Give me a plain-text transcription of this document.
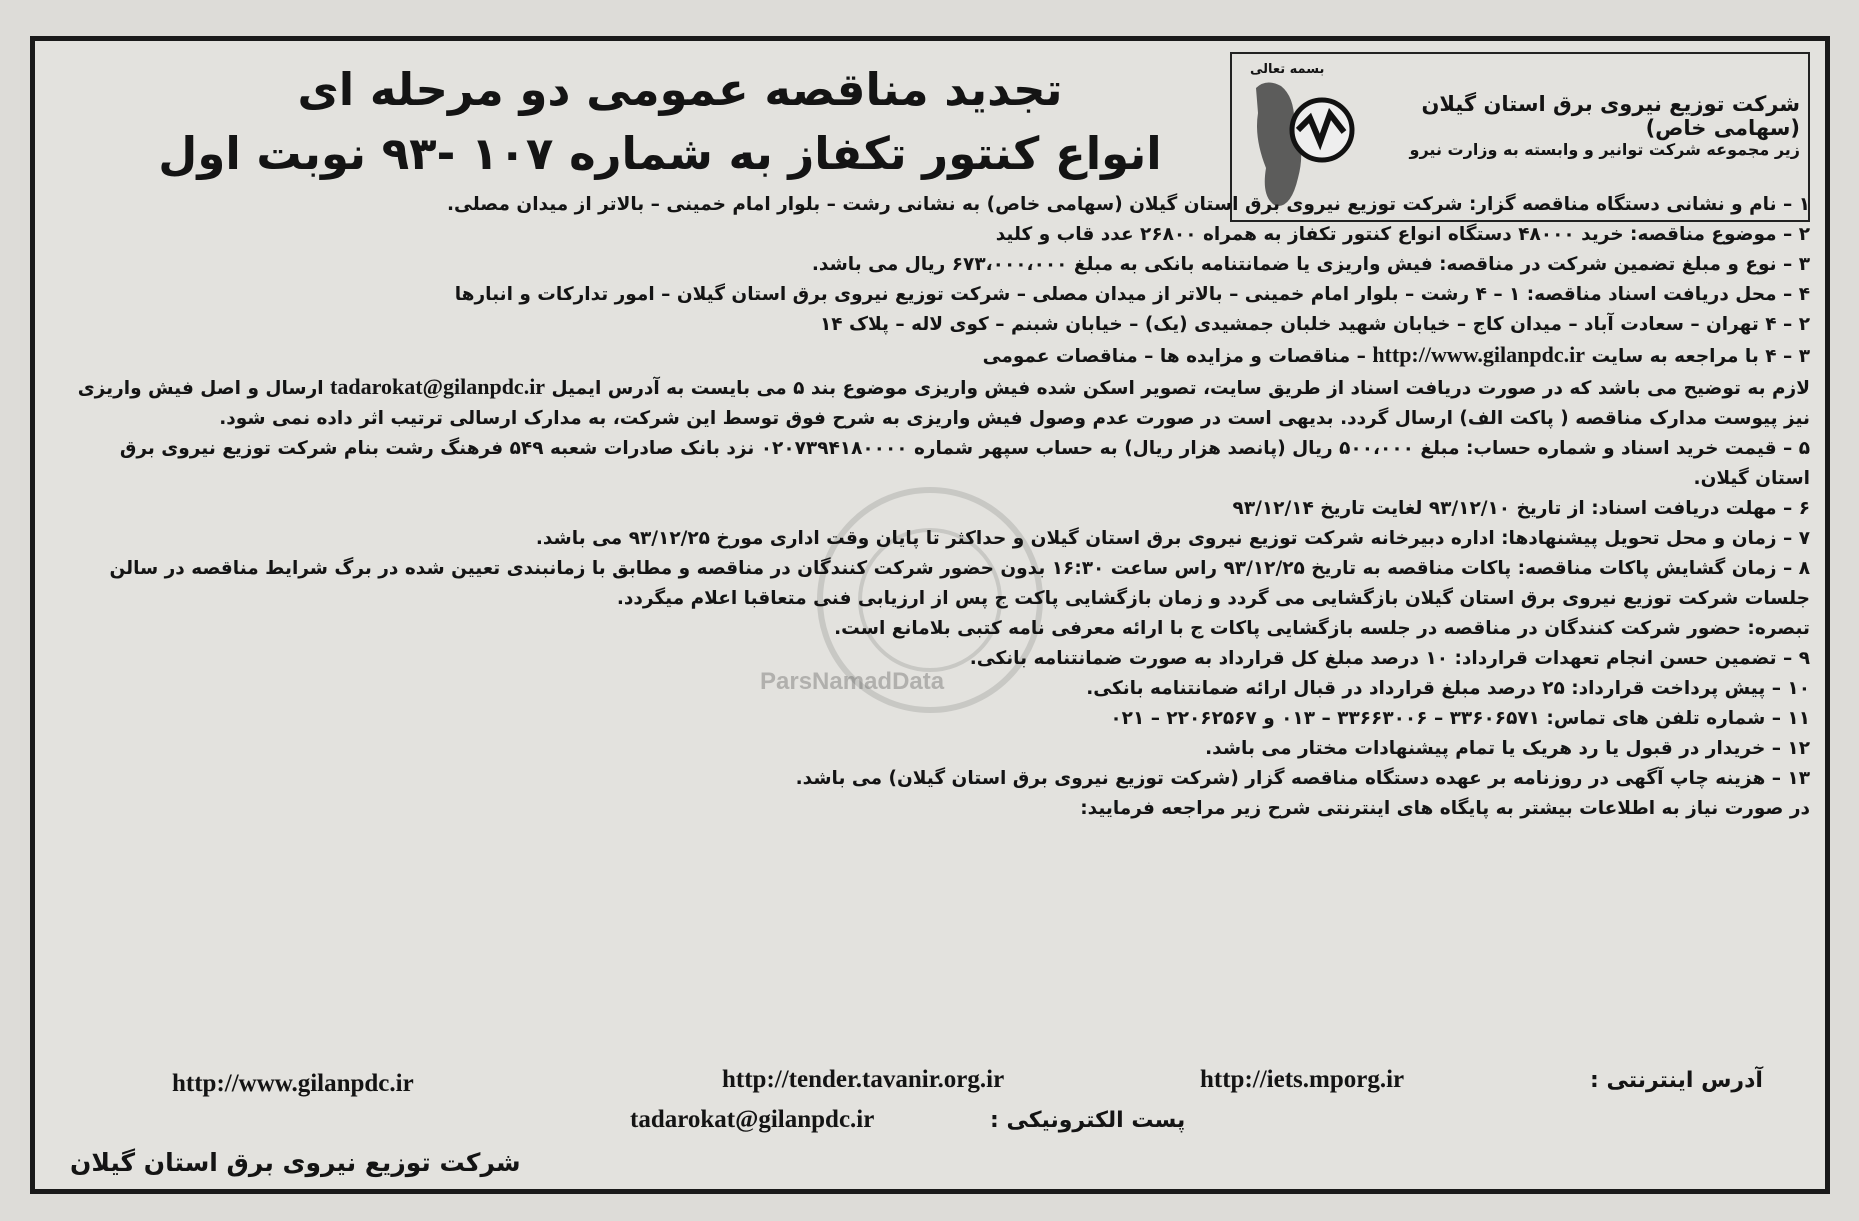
بسمه تعالی
شرکت توزیع نیروی برق استان گیلان (سهامی خاص)
زیر مجموعه شرکت توانیر و وابسته به وزارت نیرو
تجدید مناقصه عمومی دو مرحله ای
انواع کنتور تکفاز به شماره ۱۰۷ -۹۳ نوبت اول
ParsNamadData

۱ – نام و نشانی دستگاه مناقصه گزار: شرکت توزیع نیروی برق استان گیلان (سهامی خاص) به نشانی رشت – بلوار امام خمینی – بالاتر از میدان مصلی.

۲ – موضوع مناقصه: خرید ۴۸۰۰۰ دستگاه انواع کنتور تکفاز به همراه ۲۶۸۰۰ عدد قاب و کلید

۳ – نوع و مبلغ تضمین شرکت در مناقصه: فیش واریزی یا ضمانتنامه بانکی به مبلغ ۶۷۳،۰۰۰،۰۰۰ ریال می باشد.

۴ – محل دریافت اسناد مناقصه: ۱ – ۴ رشت – بلوار امام خمینی – بالاتر از میدان مصلی – شرکت توزیع نیروی برق استان گیلان – امور تدارکات و انبارها

۲ – ۴ تهران – سعادت آباد – میدان کاج – خیابان شهید خلبان جمشیدی (یک) – خیابان شبنم – کوی لاله – پلاک ۱۴

۳ – ۴ با مراجعه به سایت http://www.gilanpdc.ir – مناقصات و مزایده ها – مناقصات عمومی

لازم به توضیح می باشد که در صورت دریافت اسناد از طریق سایت، تصویر اسکن شده فیش واریزی موضوع بند ۵ می بایست به آدرس ایمیل tadarokat@gilanpdc.ir ارسال و اصل فیش واریزی نیز پیوست مدارک مناقصه ( پاکت الف) ارسال گردد. بدیهی است در صورت عدم وصول فیش واریزی به شرح فوق توسط این شرکت، به مدارک ارسالی ترتیب اثر داده نمی شود.

۵ – قیمت خرید اسناد و شماره حساب: مبلغ ۵۰۰،۰۰۰ ریال (پانصد هزار ریال) به حساب سپهر شماره ۰۲۰۷۳۹۴۱۸۰۰۰۰ نزد بانک صادرات شعبه ۵۴۹ فرهنگ رشت بنام شرکت توزیع نیروی برق استان گیلان.

۶ – مهلت دریافت اسناد: از تاریخ ۹۳/۱۲/۱۰ لغایت تاریخ ۹۳/۱۲/۱۴

۷ – زمان و محل تحویل پیشنهادها: اداره دبیرخانه شرکت توزیع نیروی برق استان گیلان و حداکثر تا پایان وقت اداری مورخ ۹۳/۱۲/۲۵ می باشد.

۸ – زمان گشایش پاکات مناقصه: پاکات مناقصه به تاریخ ۹۳/۱۲/۲۵ راس ساعت ۱۶:۳۰ بدون حضور شرکت کنندگان در مناقصه و مطابق با زمانبندی تعیین شده در برگ شرایط مناقصه در سالن جلسات شرکت توزیع نیروی برق استان گیلان بازگشایی می گردد و زمان بازگشایی پاکت ج پس از ارزیابی فنی متعاقبا اعلام میگردد.

تبصره: حضور شرکت کنندگان در مناقصه در جلسه بازگشایی پاکات ج با ارائه معرفی نامه کتبی بلامانع است.

۹ – تضمین حسن انجام تعهدات قرارداد: ۱۰ درصد مبلغ کل قرارداد به صورت ضمانتنامه بانکی.

۱۰ – پیش پرداخت قرارداد: ۲۵ درصد مبلغ قرارداد در قبال ارائه ضمانتنامه بانکی.

۱۱ – شماره تلفن های تماس: ۳۳۶۰۶۵۷۱ – ۳۳۶۶۳۰۰۶ – ۰۱۳ و ۲۲۰۶۲۵۶۷ – ۰۲۱

۱۲ – خریدار در قبول یا رد هریک یا تمام پیشنهادات مختار می باشد.

۱۳ – هزینه چاپ آگهی در روزنامه بر عهده دستگاه مناقصه گزار (شرکت توزیع نیروی برق استان گیلان) می باشد.

در صورت نیاز به اطلاعات بیشتر به پایگاه های اینترنتی شرح زیر مراجعه فرمایید:

آدرس اینترنتی :
http://iets.mporg.ir
http://tender.tavanir.org.ir
http://www.gilanpdc.ir
پست الکترونیکی :
tadarokat@gilanpdc.ir
شرکت توزیع نیروی برق استان گیلان
